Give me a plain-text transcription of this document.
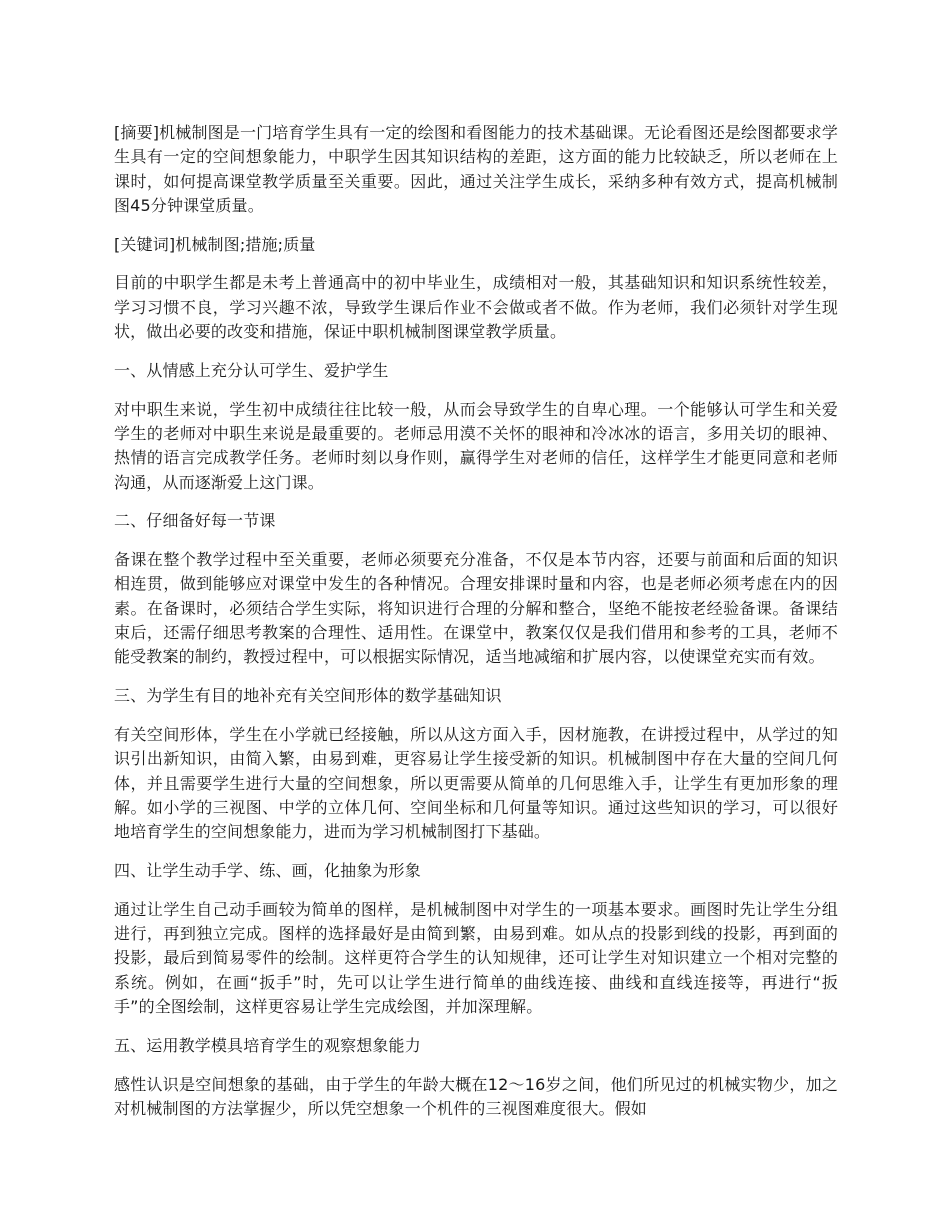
[摘要]机械制图是一门培育学生具有一定的绘图和看图能力的技术基础课。无论看图还是绘图都要求学生具有一定的空间想象能力，中职学生因其知识结构的差距，这方面的能力比较缺乏，所以老师在上课时，如何提高课堂教学质量至关重要。因此，通过关注学生成长，采纳多种有效方式，提高机械制图45分钟课堂质量。

[关键词]机械制图;措施;质量

目前的中职学生都是未考上普通高中的初中毕业生，成绩相对一般，其基础知识和知识系统性较差，学习习惯不良，学习兴趣不浓，导致学生课后作业不会做或者不做。作为老师，我们必须针对学生现状，做出必要的改变和措施，保证中职机械制图课堂教学质量。

一、从情感上充分认可学生、爱护学生

对中职生来说，学生初中成绩往往比较一般，从而会导致学生的自卑心理。一个能够认可学生和关爱学生的老师对中职生来说是最重要的。老师忌用漠不关怀的眼神和冷冰冰的语言，多用关切的眼神、热情的语言完成教学任务。老师时刻以身作则，赢得学生对老师的信任，这样学生才能更同意和老师沟通，从而逐渐爱上这门课。

二、仔细备好每一节课

备课在整个教学过程中至关重要，老师必须要充分准备，不仅是本节内容，还要与前面和后面的知识相连贯，做到能够应对课堂中发生的各种情况。合理安排课时量和内容，也是老师必须考虑在内的因素。在备课时，必须结合学生实际，将知识进行合理的分解和整合，坚绝不能按老经验备课。备课结束后，还需仔细思考教案的合理性、适用性。在课堂中，教案仅仅是我们借用和参考的工具，老师不能受教案的制约，教授过程中，可以根据实际情况，适当地减缩和扩展内容，以使课堂充实而有效。

三、为学生有目的地补充有关空间形体的数学基础知识

有关空间形体，学生在小学就已经接触，所以从这方面入手，因材施教，在讲授过程中，从学过的知识引出新知识，由简入繁，由易到难，更容易让学生接受新的知识。机械制图中存在大量的空间几何体，并且需要学生进行大量的空间想象，所以更需要从简单的几何思维入手，让学生有更加形象的理解。如小学的三视图、中学的立体几何、空间坐标和几何量等知识。通过这些知识的学习，可以很好地培育学生的空间想象能力，进而为学习机械制图打下基础。

四、让学生动手学、练、画，化抽象为形象

通过让学生自己动手画较为简单的图样，是机械制图中对学生的一项基本要求。画图时先让学生分组进行，再到独立完成。图样的选择最好是由简到繁，由易到难。如从点的投影到线的投影，再到面的投影，最后到简易零件的绘制。这样更符合学生的认知规律，还可让学生对知识建立一个相对完整的系统。例如，在画“扳手”时，先可以让学生进行简单的曲线连接、曲线和直线连接等，再进行“扳手”的全图绘制，这样更容易让学生完成绘图，并加深理解。

五、运用教学模具培育学生的观察想象能力

感性认识是空间想象的基础，由于学生的年龄大概在12～16岁之间，他们所见过的机械实物少，加之对机械制图的方法掌握少，所以凭空想象一个机件的三视图难度很大。假如
